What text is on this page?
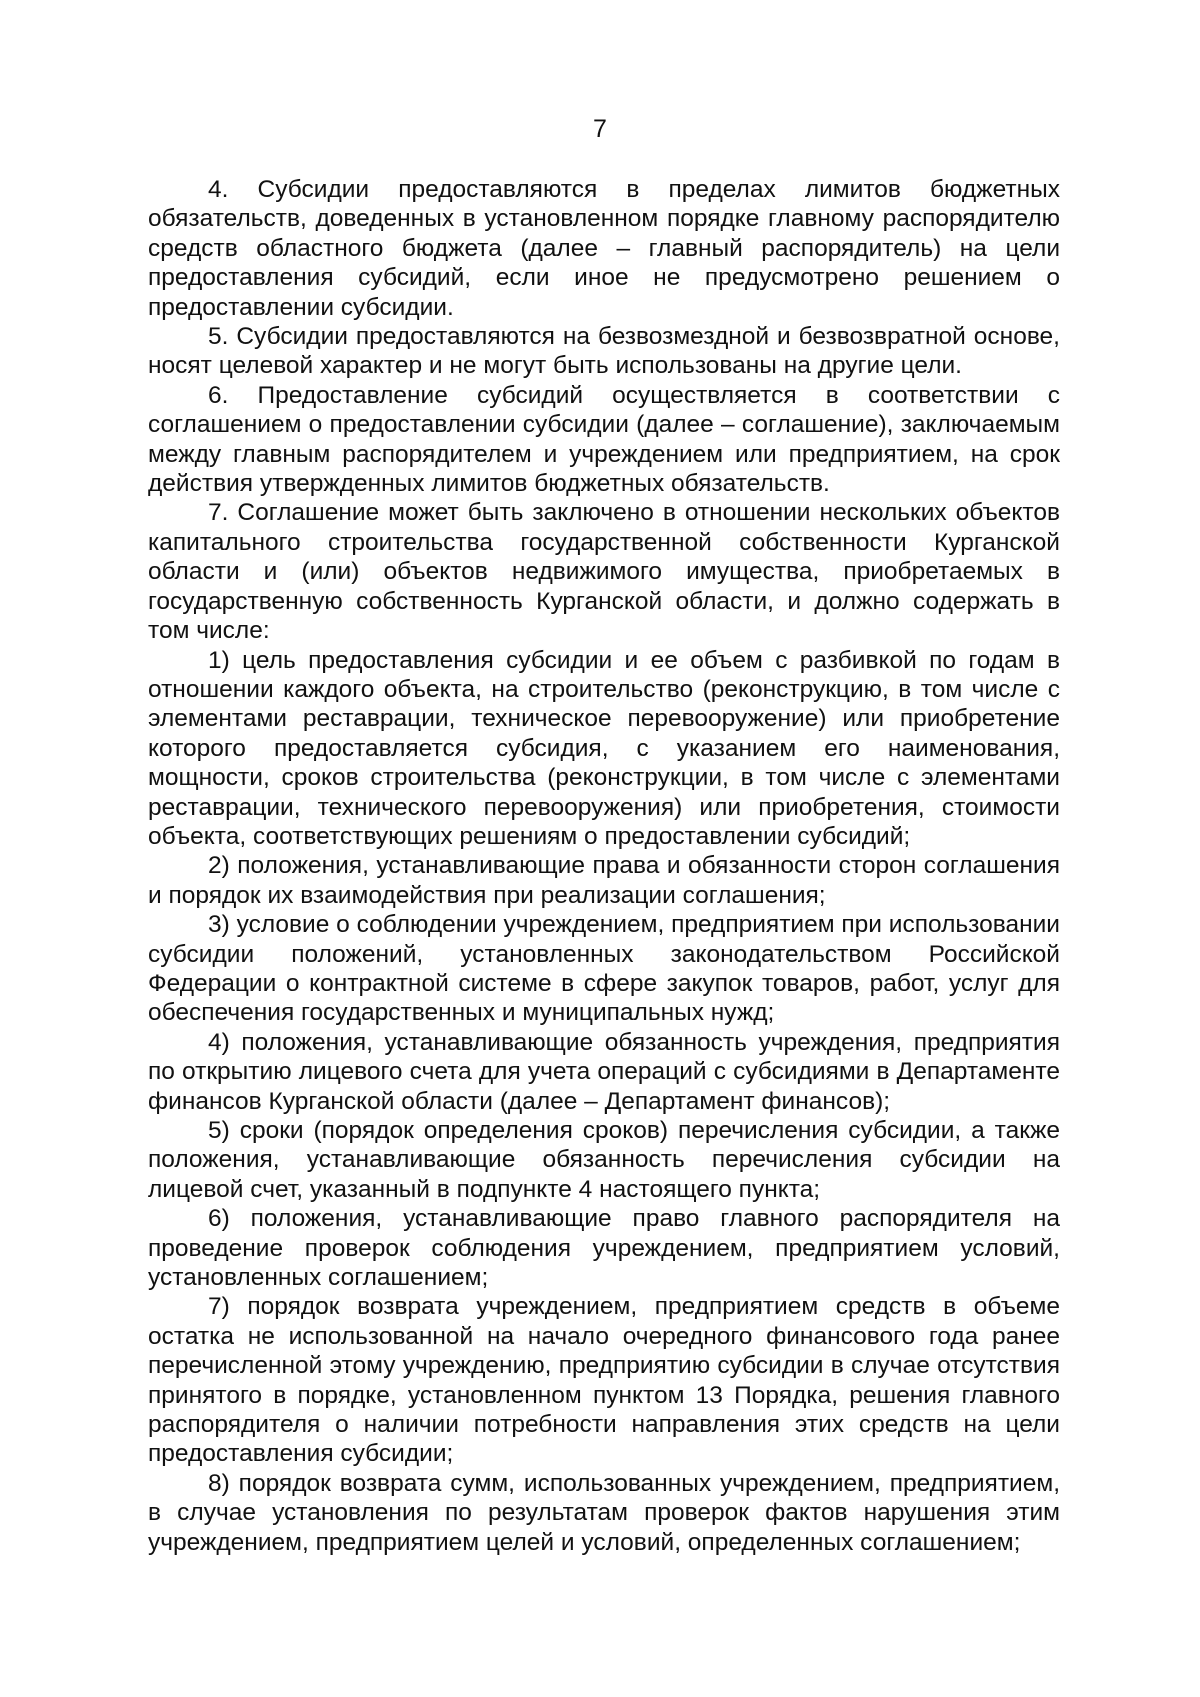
7

4. Субсидии предоставляются в пределах лимитов бюджетных обязательств, доведенных в установленном порядке главному распорядителю средств областного бюджета (далее – главный распорядитель) на цели предоставления субсидий, если иное не предусмотрено решением о предоставлении субсидии.

5. Субсидии предоставляются на безвозмездной и безвозвратной основе, носят целевой характер и не могут быть использованы на другие цели.

6. Предоставление субсидий осуществляется в соответствии с соглашением о предоставлении субсидии (далее – соглашение), заключаемым между главным распорядителем и учреждением или предприятием, на срок действия утвержденных лимитов бюджетных обязательств.

7. Соглашение может быть заключено в отношении нескольких объектов капитального строительства государственной собственности Курганской области и (или) объектов недвижимого имущества, приобретаемых в государственную собственность Курганской области, и должно содержать в том числе:

1) цель предоставления субсидии и ее объем с разбивкой по годам в отношении каждого объекта, на строительство (реконструкцию, в том числе с элементами реставрации, техническое перевооружение) или приобретение которого предоставляется субсидия, с указанием его наименования, мощности, сроков строительства (реконструкции, в том числе с элементами реставрации, технического перевооружения) или приобретения, стоимости объекта, соответствующих решениям о предоставлении субсидий;

2) положения, устанавливающие права и обязанности сторон соглашения и порядок их взаимодействия при реализации соглашения;

3) условие о соблюдении учреждением, предприятием при использовании субсидии положений, установленных законодательством Российской Федерации о контрактной системе в сфере закупок товаров, работ, услуг для обеспечения государственных и муниципальных нужд;

4) положения, устанавливающие обязанность учреждения, предприятия по открытию лицевого счета для учета операций с субсидиями в Департаменте финансов Курганской области (далее – Департамент финансов);

5) сроки (порядок определения сроков) перечисления субсидии, а также положения, устанавливающие обязанность перечисления субсидии на лицевой счет, указанный в подпункте 4 настоящего пункта;

6) положения, устанавливающие право главного распорядителя на проведение проверок соблюдения учреждением, предприятием условий, установленных соглашением;

7) порядок возврата учреждением, предприятием средств в объеме остатка не использованной на начало очередного финансового года ранее перечисленной этому учреждению, предприятию субсидии в случае отсутствия принятого в порядке, установленном пунктом 13 Порядка, решения главного распорядителя о наличии потребности направления этих средств на цели предоставления субсидии;

8) порядок возврата сумм, использованных учреждением, предприятием, в случае установления по результатам проверок фактов нарушения этим учреждением, предприятием целей и условий, определенных соглашением;
